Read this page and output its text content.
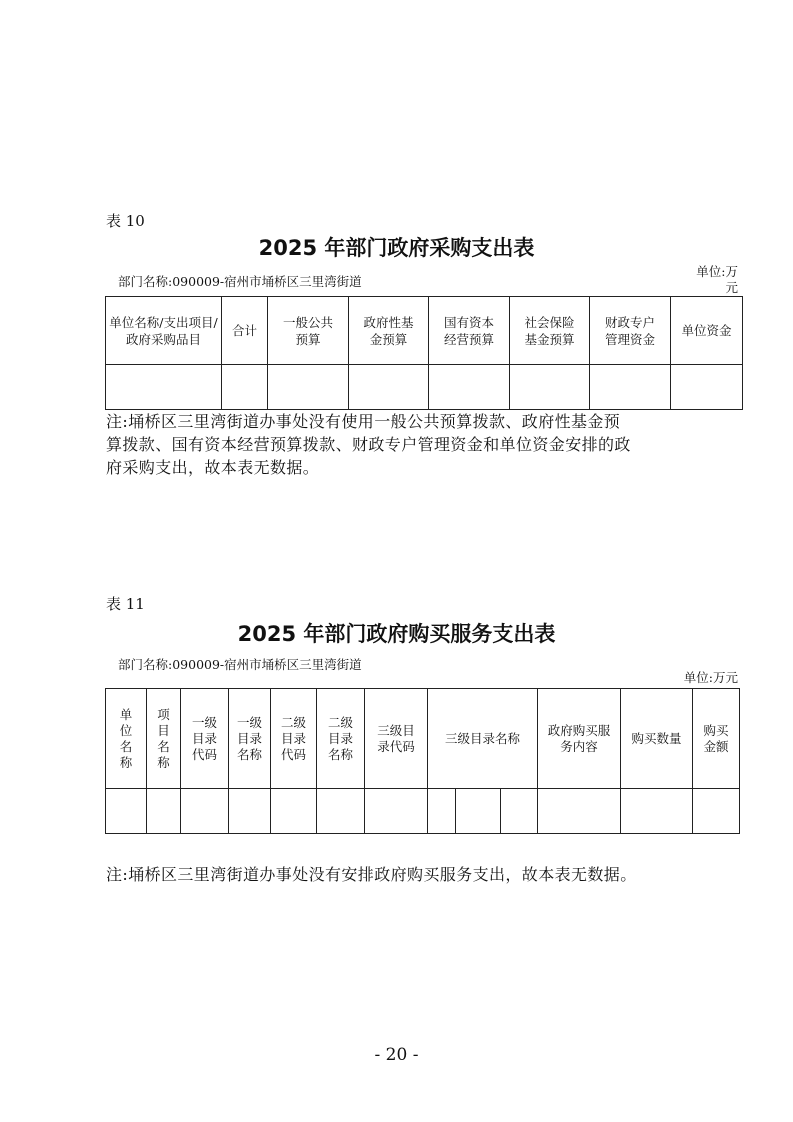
表 10
2025 年部门政府采购支出表
部门名称:090009-宿州市埇桥区三里湾街道
单位:万
元
单位名称/支出项目/政府采购品目	合计	一般公共预算	政府性基金预算	国有资本经营预算	社会保险基金预算	财政专户管理资金	单位资金

注:埇桥区三里湾街道办事处没有使用一般公共预算拨款、政府性基金预
算拨款、国有资本经营预算拨款、财政专户管理资金和单位资金安排的政
府采购支出，故本表无数据。
表 11
2025 年部门政府购买服务支出表
部门名称:090009-宿州市埇桥区三里湾街道
单位:万元
单位名称	项目名称	一级目录代码	一级目录名称	二级目录代码	二级目录名称	三级目录代码	三级目录名称			政府购买服务内容	购买数量	购买金额

注:埇桥区三里湾街道办事处没有安排政府购买服务支出，故本表无数据。
- 20 -
